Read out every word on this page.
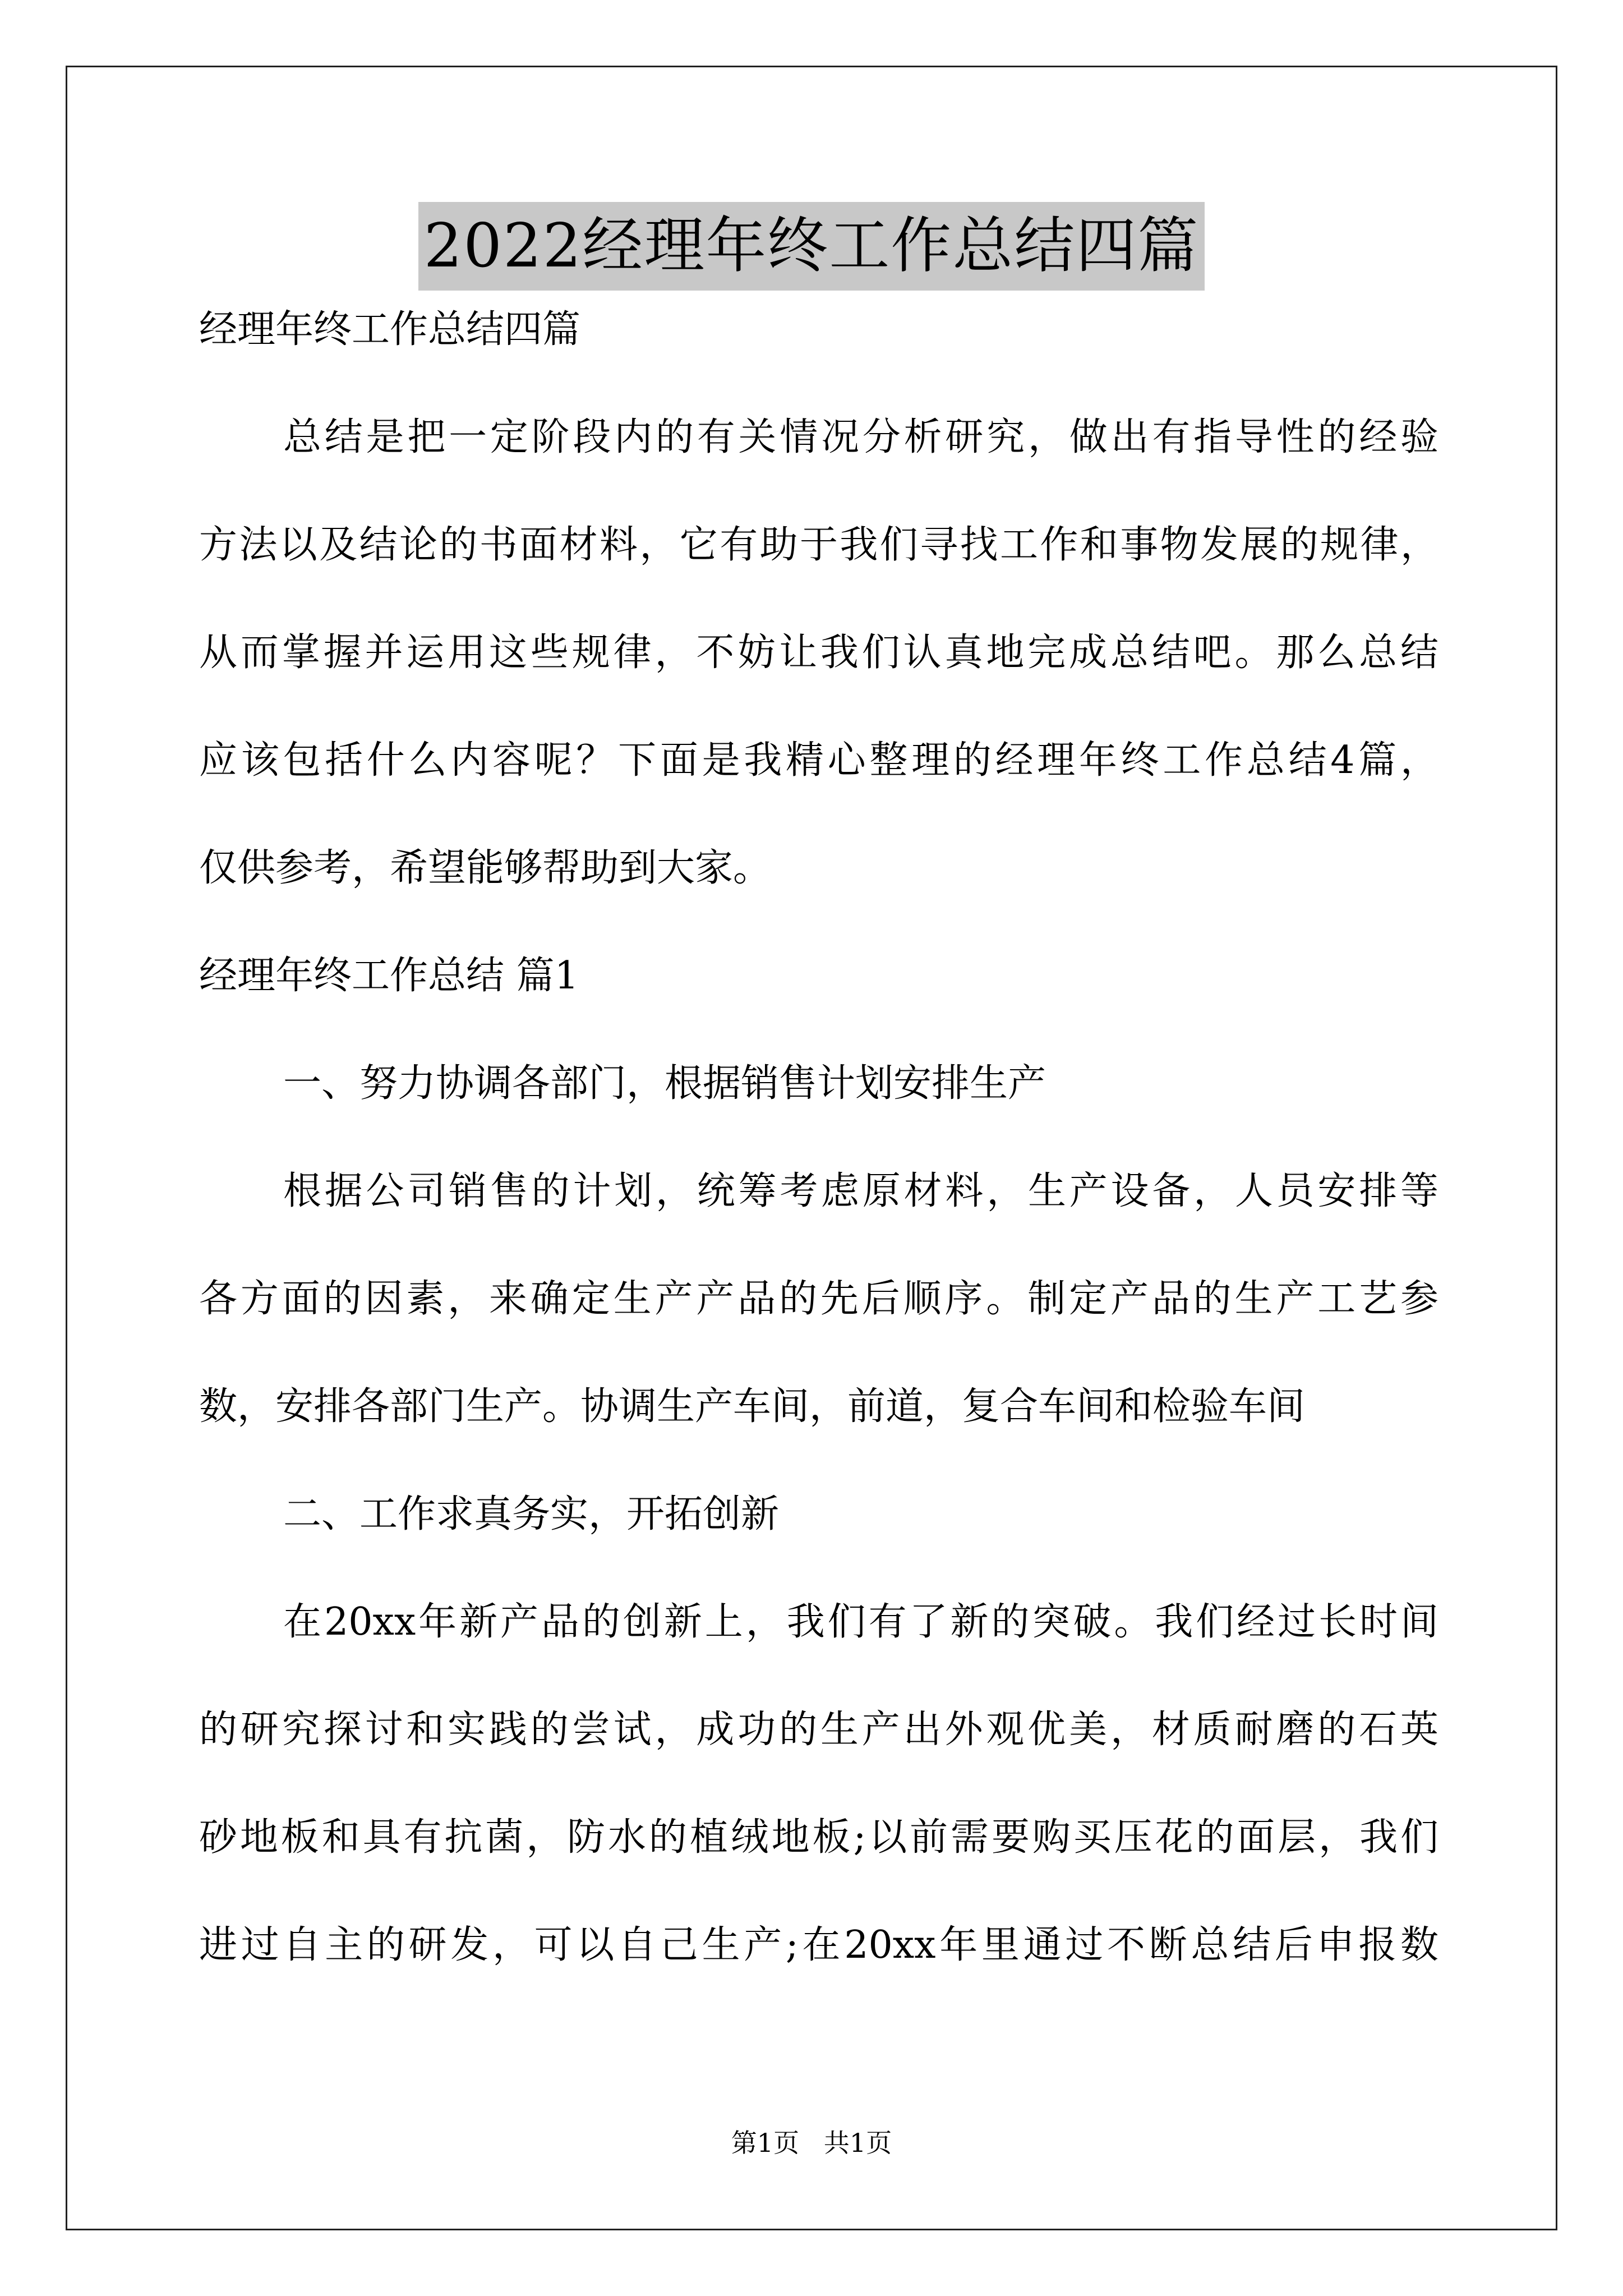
2022经理年终工作总结四篇
经理年终工作总结四篇
总结是把一定阶段内的有关情况分析研究，做出有指导性的经验
方法以及结论的书面材料，它有助于我们寻找工作和事物发展的规律，
从而掌握并运用这些规律，不妨让我们认真地完成总结吧。那么总结
应该包括什么内容呢？下面是我精心整理的经理年终工作总结4篇，
仅供参考，希望能够帮助到大家。
经理年终工作总结 篇1
一、努力协调各部门，根据销售计划安排生产
根据公司销售的计划，统筹考虑原材料，生产设备，人员安排等
各方面的因素，来确定生产产品的先后顺序。制定产品的生产工艺参
数，安排各部门生产。协调生产车间，前道，复合车间和检验车间
二、工作求真务实，开拓创新
在20xx年新产品的创新上，我们有了新的突破。我们经过长时间
的研究探讨和实践的尝试，成功的生产出外观优美，材质耐磨的石英
砂地板和具有抗菌，防水的植绒地板;以前需要购买压花的面层，我们
进过自主的研发，可以自己生产;在20xx年里通过不断总结后申报数
第1页   共1页
